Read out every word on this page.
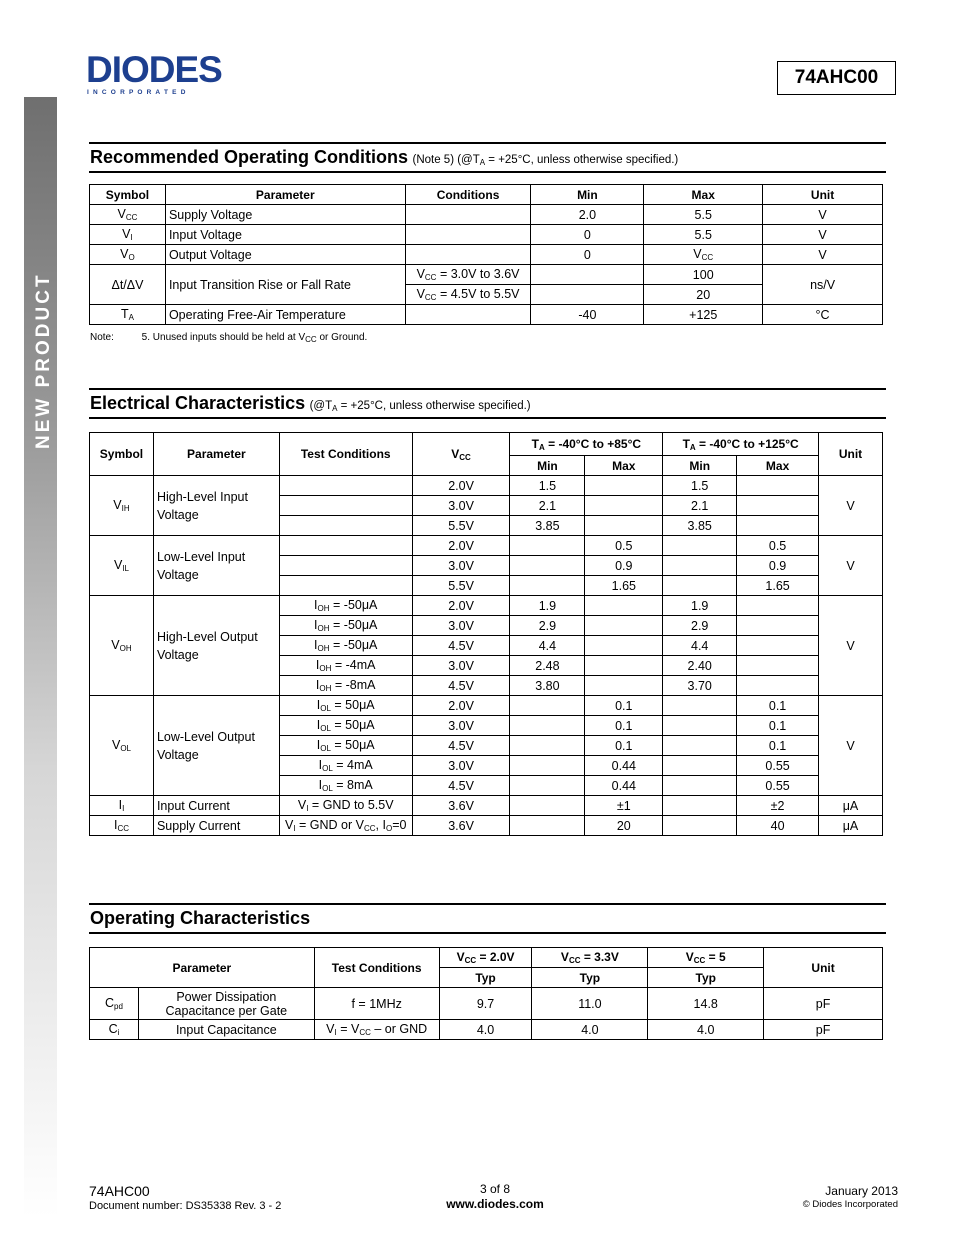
NEW PRODUCT
DIODES
I N C O R P O R A T E D
74AHC00
Recommended Operating Conditions (Note 5) ($@T_A = +25^\circ C$, unless otherwise specified.)
Symbol	Parameter	Conditions	Min	Max	Unit
$V_{CC}$	Supply Voltage		2.0	5.5	V
$V_I$	Input Voltage		0	5.5	V
$V_O$	Output Voltage		0	$V_{CC}$	V
Δt/ΔV	Input Transition Rise or Fall Rate	$V_{CC} = 3.0V$ to 3.6V		100	ns/V
		$V_{CC} = 4.5V$ to 5.5V		20	
$T_A$	Operating Free-Air Temperature		-40	+125	°C
Note:          5. Unused inputs should be held at $V_{CC}$ or Ground.
Electrical Characteristics ($@T_A = +25^\circ C$, unless otherwise specified.)
Symbol	Parameter	Test Conditions	$V_{CC}$	$T_A = -40^\circ C$ to +85°C		$T_A = -40^\circ C$ to +125°C		Unit
				Min	Max	Min	Max	
$V_{IH}$	High-Level Input Voltage		2.0V	1.5		1.5		V
			3.0V	2.1		2.1		
			5.5V	3.85		3.85		
$V_{IL}$	Low-Level Input Voltage		2.0V		0.5		0.5	V
			3.0V		0.9		0.9	
			5.5V		1.65		1.65	
$V_{OH}$	High-Level Output Voltage	$I_{OH} = -50\mu A$	2.0V	1.9		1.9		V
		$I_{OH} = -50\mu A$	3.0V	2.9		2.9		
		$I_{OH} = -50\mu A$	4.5V	4.4		4.4		
		$I_{OH} = -4mA$	3.0V	2.48		2.40		
		$I_{OH} = -8mA$	4.5V	3.80		3.70		
$V_{OL}$	Low-Level Output Voltage	$I_{OL} = 50\mu A$	2.0V		0.1		0.1	V
		$I_{OL} = 50\mu A$	3.0V		0.1		0.1	
		$I_{OL} = 50\mu A$	4.5V		0.1		0.1	
		$I_{OL} = 4mA$	3.0V		0.44		0.55	
		$I_{OL} = 8mA$	4.5V		0.44		0.55	
$I_I$	Input Current	$V_I$ = GND to 5.5V	3.6V		±1		±2	μA
$I_{CC}$	Supply Current	$V_I$ = GND or $V_{CC}$, $I_O=0$	3.6V		20		40	μA
Operating Characteristics
Parameter		Test Conditions	$V_{CC} = 2.0V$	$V_{CC} = 3.3V$	$V_{CC} = 5$	Unit
			Typ	Typ	Typ	
$C_{pd}$	Power Dissipation Capacitance per Gate	f = 1MHz	9.7	11.0	14.8	pF
$C_i$	Input Capacitance	$V_I = V_{CC}$ – or GND	4.0	4.0	4.0	pF
74AHC00
Document number: DS35338 Rev. 3 - 2
3 of 8
www.diodes.com
January 2013
© Diodes Incorporated
